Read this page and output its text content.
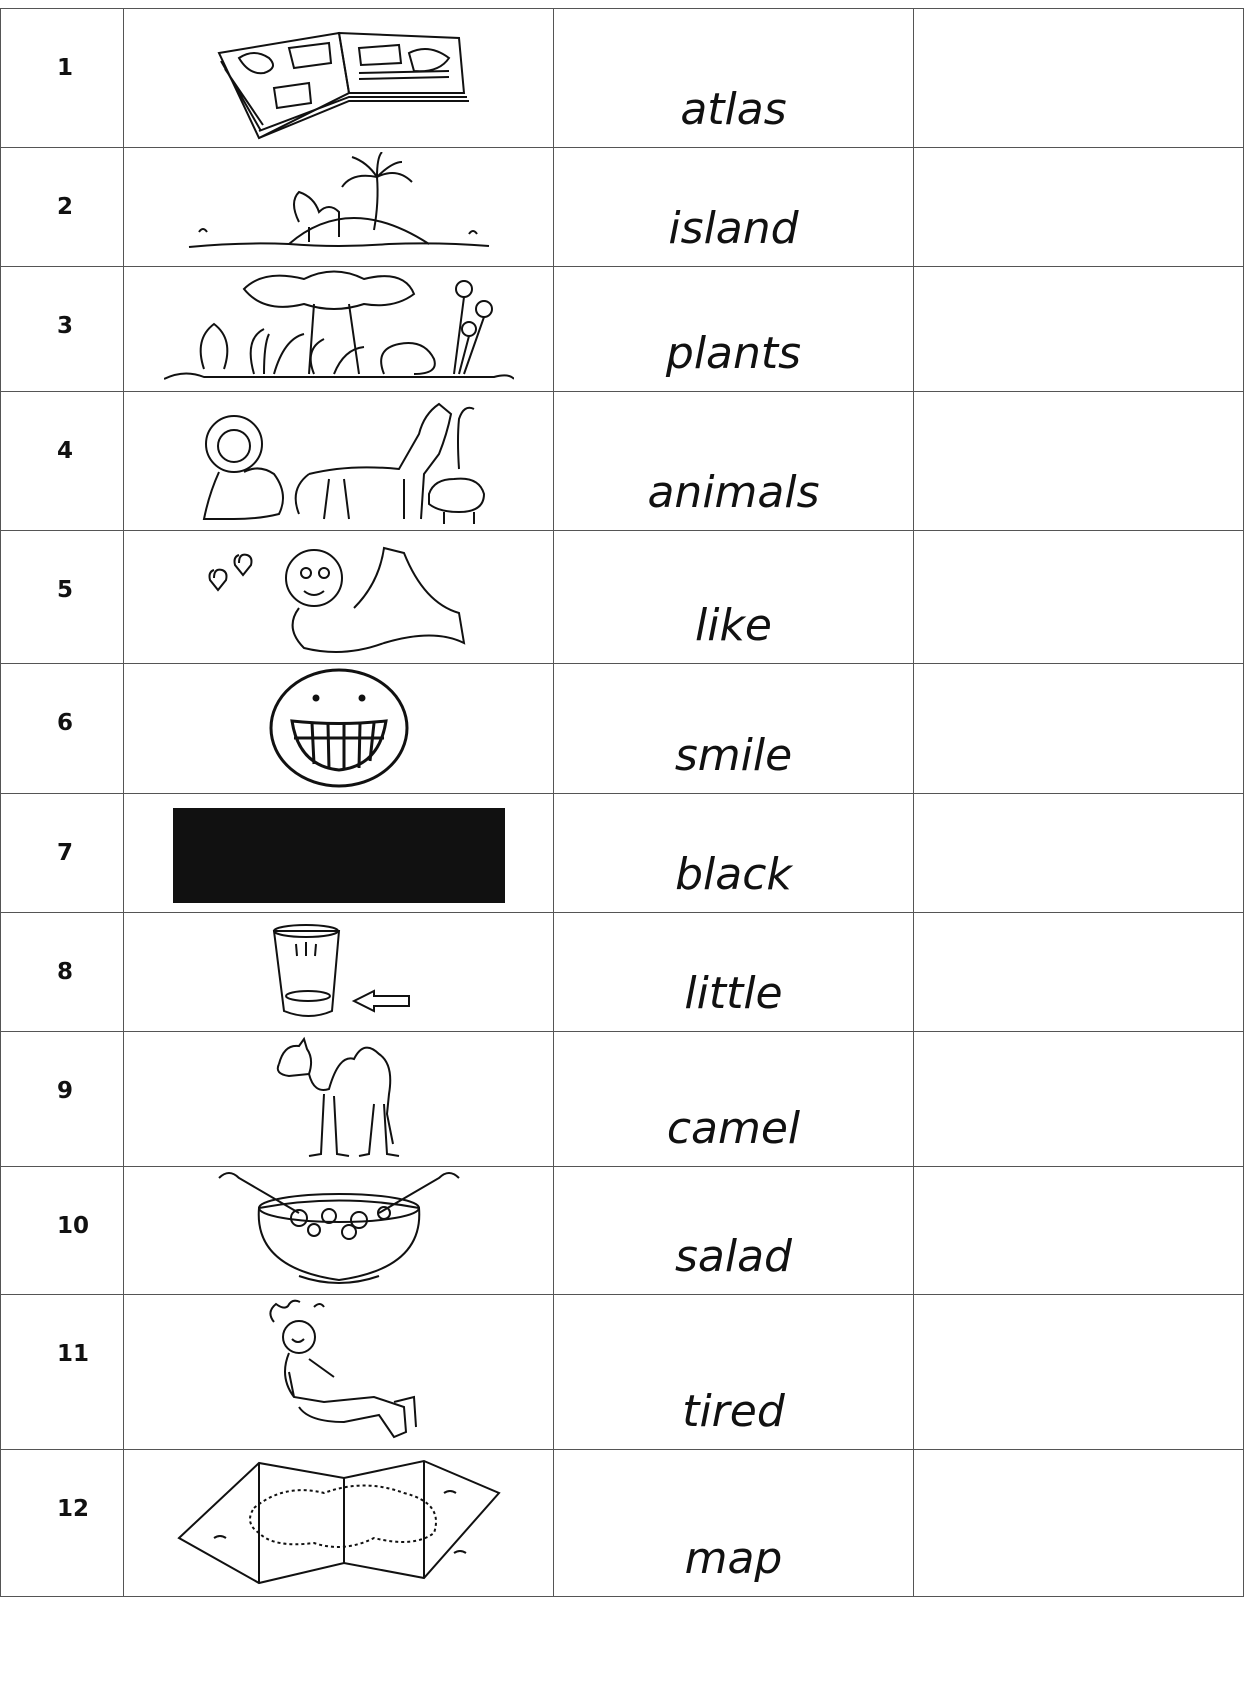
1		atlas	

2		island	

3		plants	

4		animals	

5		like	

6		smile	

7		black	

8		little	

9		camel	

10		salad	

11		tired	

12		map	
